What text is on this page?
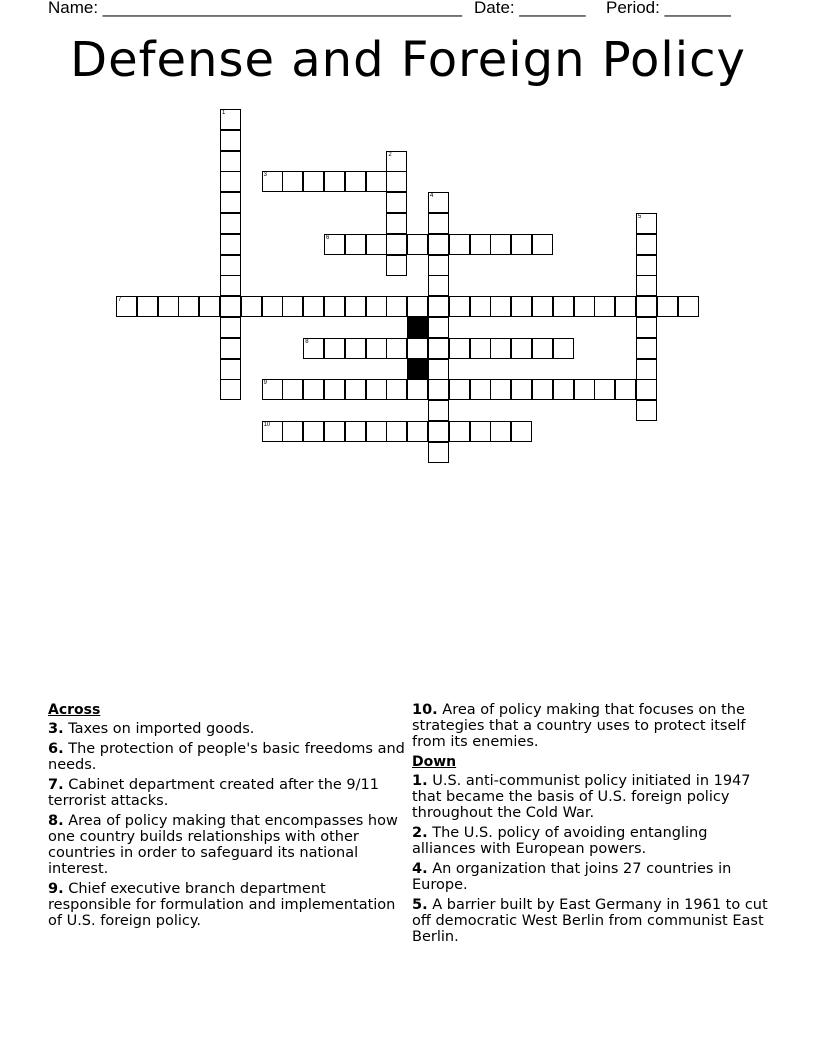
Name: ______________________________________ Date: _______ Period: _______
Defense and Foreign Policy
1
2
3
4
5
6
7
8
9
10
Across
3. Taxes on imported goods.
6. The protection of people's basic freedoms and needs.
7. Cabinet department created after the 9/11 terrorist attacks.
8. Area of policy making that encompasses how one country builds relationships with other countries in order to safeguard its national interest.
9. Chief executive branch department responsible for formulation and implementation of U.S. foreign policy.
10. Area of policy making that focuses on the strategies that a country uses to protect itself from its enemies.
Down
1. U.S. anti-communist policy initiated in 1947 that became the basis of U.S. foreign policy throughout the Cold War.
2. The U.S. policy of avoiding entangling alliances with European powers.
4. An organization that joins 27 countries in Europe.
5. A barrier built by East Germany in 1961 to cut off democratic West Berlin from communist East Berlin.
